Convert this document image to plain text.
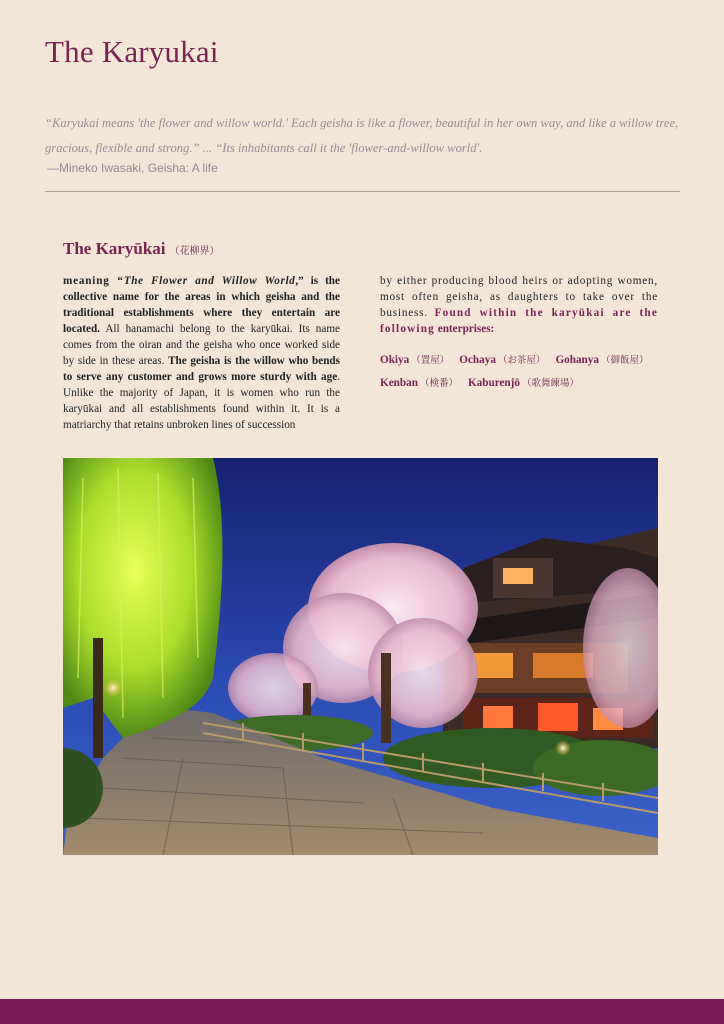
The Karyukai

“Karyukai means 'the flower and willow world.' Each geisha is like a flower, beautiful in her own way, and like a willow tree, gracious, flexible and strong.” ... “Its inhabitants call it the 'flower-and-willow world'.

—Mineko Iwasaki, Geisha: A life
The Karyūkai （花柳界）

meaning “The Flower and Willow World,” is the collective name for the areas in which geisha and the traditional establishments where they entertain are located. All hanamachi belong to the karyūkai. Its name comes from the oiran and the geisha who once worked side by side in these areas. The geisha is the willow who bends to serve any customer and grows more sturdy with age. Unlike the majority of Japan, it is women who run the karyūkai and all establishments found within it. It is a matriarchy that retains unbroken lines of succession

by either producing blood heirs or adopting women, most often geisha, as daughters to take over the business. Found within the karyūkai are the following enterprises:

Okiya （置屋） Ochaya （お茶屋） Gohanya （御飯屋）
Kenban （検番） Kaburenjō （歌舞練場）
